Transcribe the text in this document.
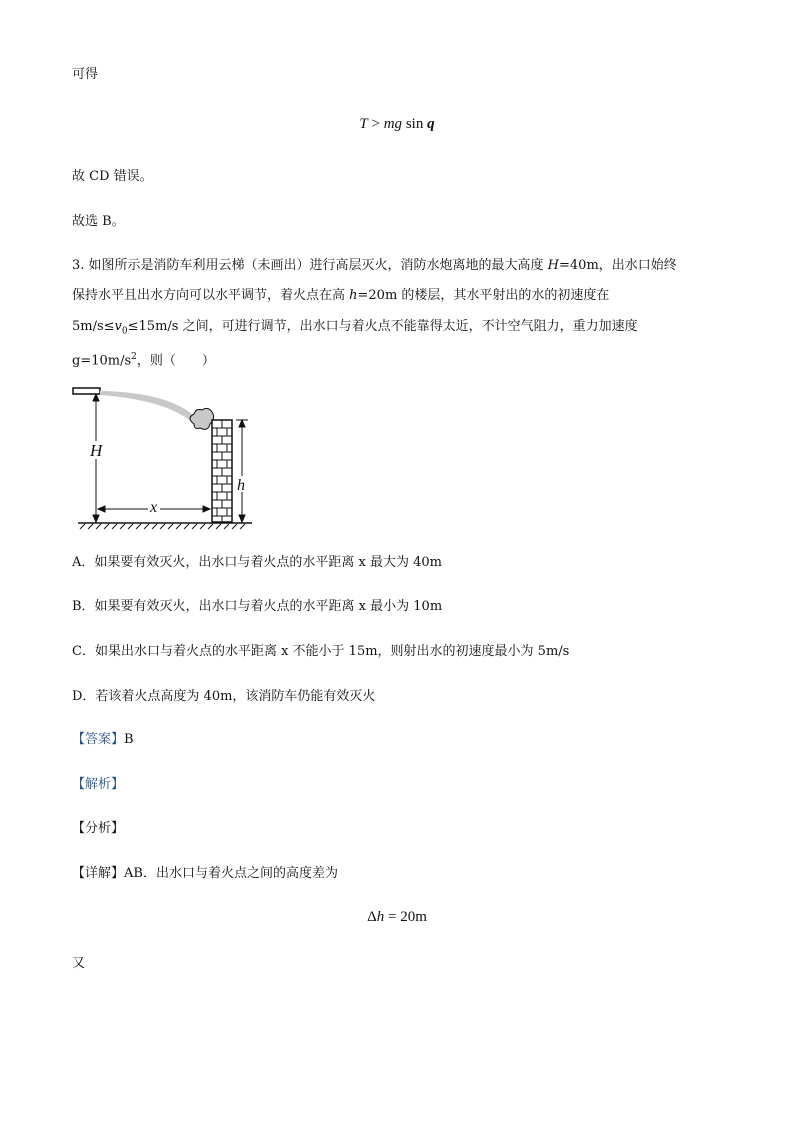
可得
T > mg sin q
故 CD 错误。
故选 B。
3. 如图所示是消防车利用云梯（未画出）进行高层灭火，消防水炮离地的最大高度 H=40m，出水口始终
保持水平且出水方向可以水平调节，着火点在高 h=20m 的楼层，其水平射出的水的初速度在
$5m/s\le v_0\le 15m/s$ 之间，可进行调节，出水口与着火点不能靠得太近，不计空气阻力，重力加速度
$g=10m/s^2$，则（　　）
H
x
h
A．如果要有效灭火，出水口与着火点的水平距离 x 最大为 40m
B．如果要有效灭火，出水口与着火点的水平距离 x 最小为 10m
C．如果出水口与着火点的水平距离 x 不能小于 15m，则射出水的初速度最小为 5m/s
D．若该着火点高度为 40m，该消防车仍能有效灭火
【答案】B
【解析】
【分析】
【详解】AB．出水口与着火点之间的高度差为
Δh = 20m
又
